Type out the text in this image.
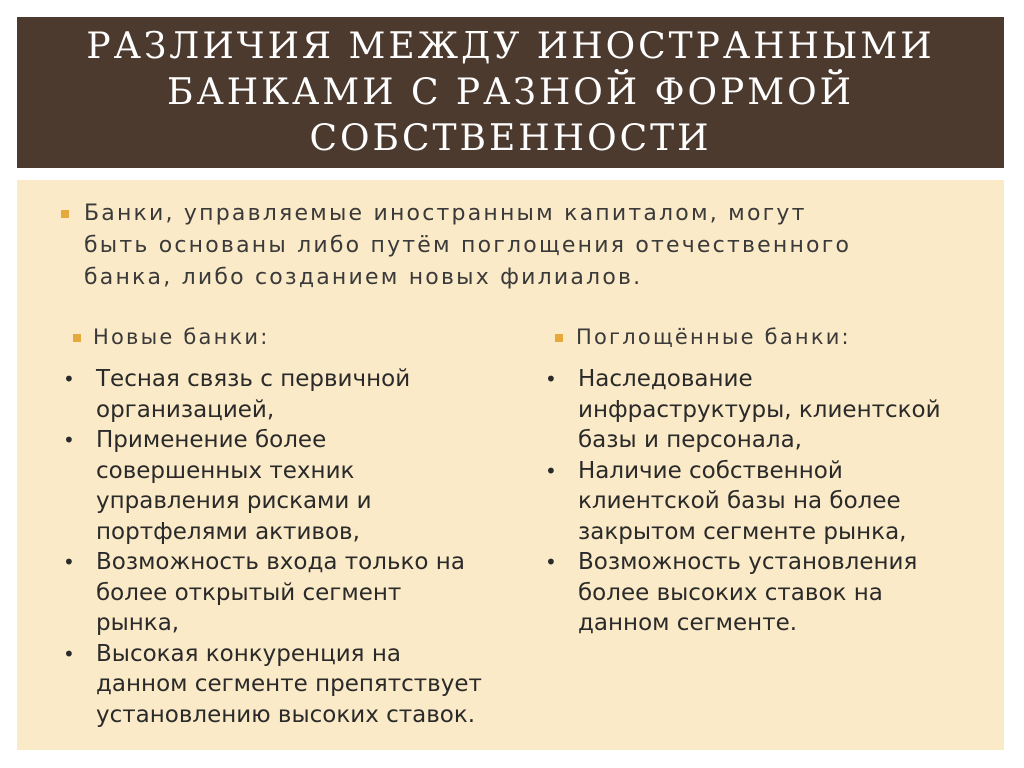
РАЗЛИЧИЯ МЕЖДУ ИНОСТРАННЫМИ
БАНКАМИ С РАЗНОЙ ФОРМОЙ
СОБСТВЕННОСТИ
Банки, управляемые иностранным капиталом, могут
быть основаны либо путём поглощения отечественного
банка, либо созданием новых филиалов.
Новые банки:	Поглощённые банки:
• Тесная связь с первичной
организацией,
• Применение более
совершенных техник
управления рисками и
портфелями активов,
• Возможность входа только на
более открытый сегмент
рынка,
• Высокая конкуренция на
данном сегменте препятствует
установлению высоких ставок.
• Наследование
инфраструктуры, клиентской
базы и персонала,
• Наличие собственной
клиентской базы на более
закрытом сегменте рынка,
• Возможность установления
более высоких ставок на
данном сегменте.
